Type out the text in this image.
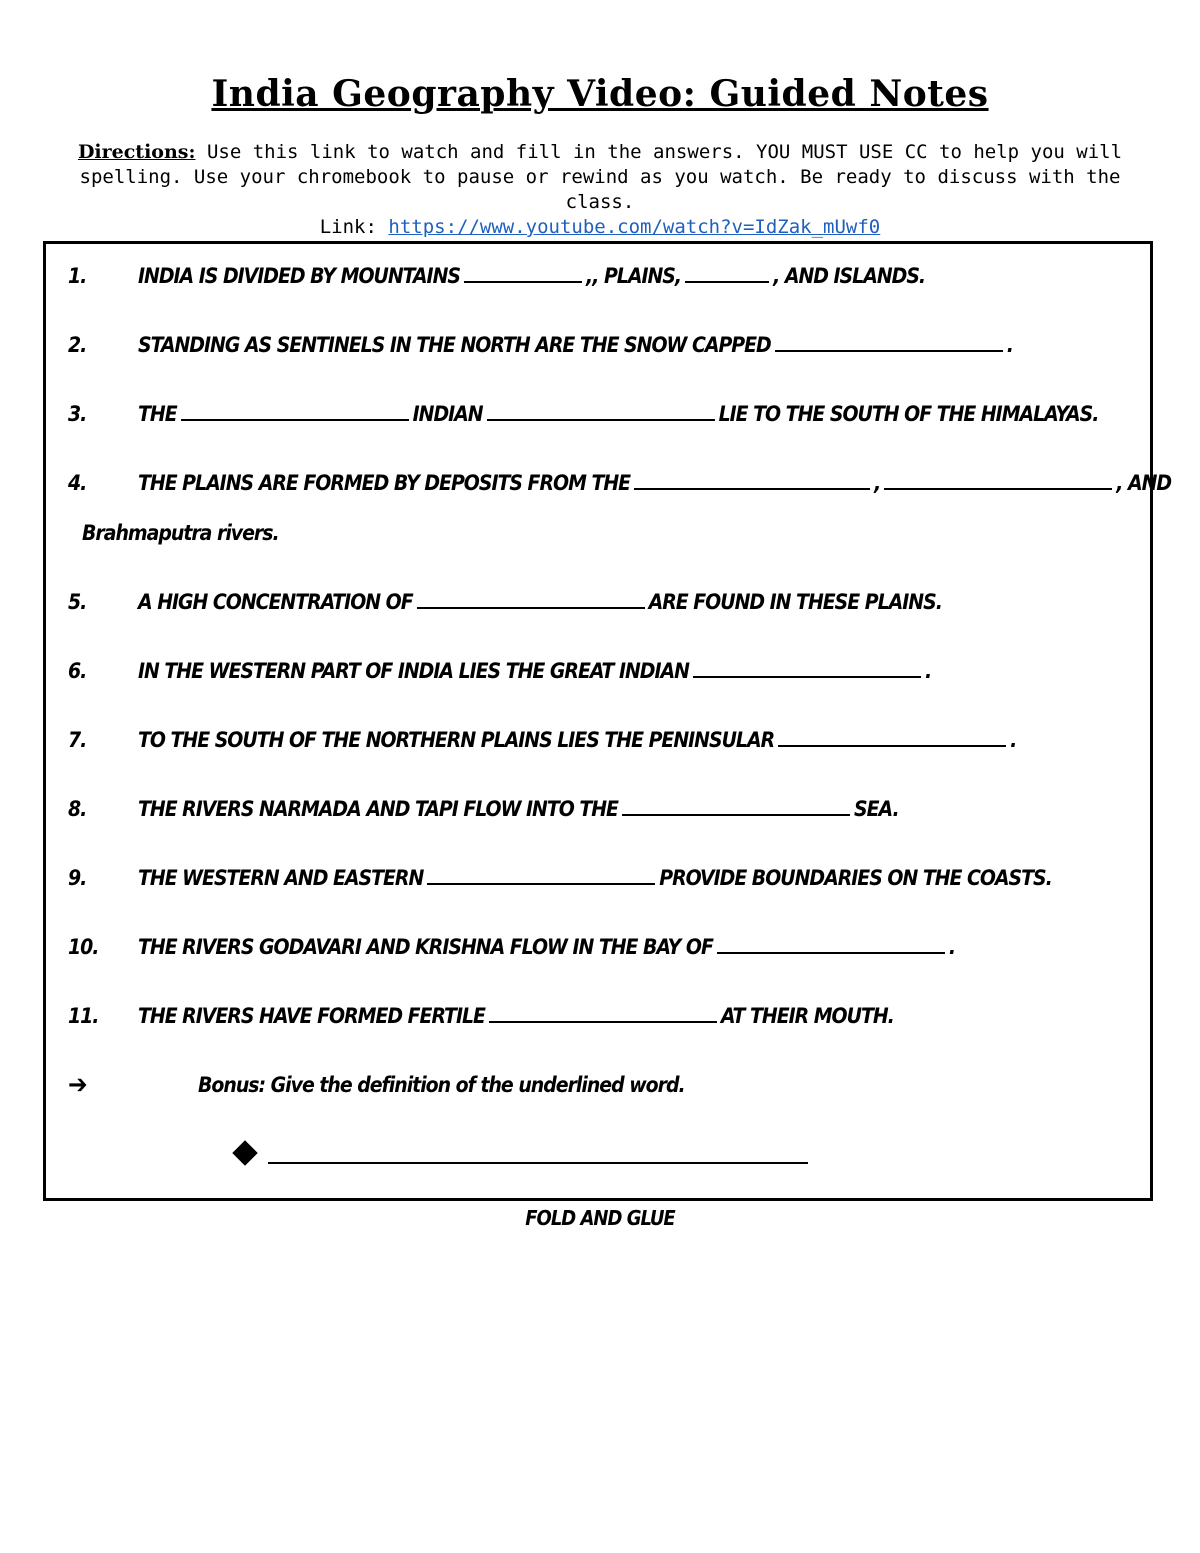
India Geography Video: Guided Notes
Directions: Use this link to watch and fill in the answers. YOU MUST USE CC to help you will spelling. Use your chromebook to pause or rewind as you watch. Be ready to discuss with the class.
Link: https://www.youtube.com/watch?v=IdZak_mUwf0
1. INDIA IS DIVIDED BY MOUNTAINS	,, PLAINS,	, AND ISLANDS.
2. STANDING AS SENTINELS IN THE NORTH ARE THE SNOW CAPPED	.
3. THE	INDIAN	LIE TO THE SOUTH OF THE HIMALAYAS.
4. THE PLAINS ARE FORMED BY DEPOSITS FROM THE	,	, AND
Brahmaputra rivers.
5. A HIGH CONCENTRATION OF	ARE FOUND IN THESE PLAINS.
6. IN THE WESTERN PART OF INDIA LIES THE GREAT INDIAN	.
7. TO THE SOUTH OF THE NORTHERN PLAINS LIES THE PENINSULAR	.
8. THE RIVERS NARMADA AND TAPI FLOW INTO THE	SEA.
9. THE WESTERN AND EASTERN	PROVIDE BOUNDARIES ON THE COASTS.
10. THE RIVERS GODAVARI AND KRISHNA FLOW IN THE BAY OF	.
11. THE RIVERS HAVE FORMED FERTILE	AT THEIR MOUTH.
➔	Bonus: Give the definition of the underlined word.
FOLD AND GLUE
